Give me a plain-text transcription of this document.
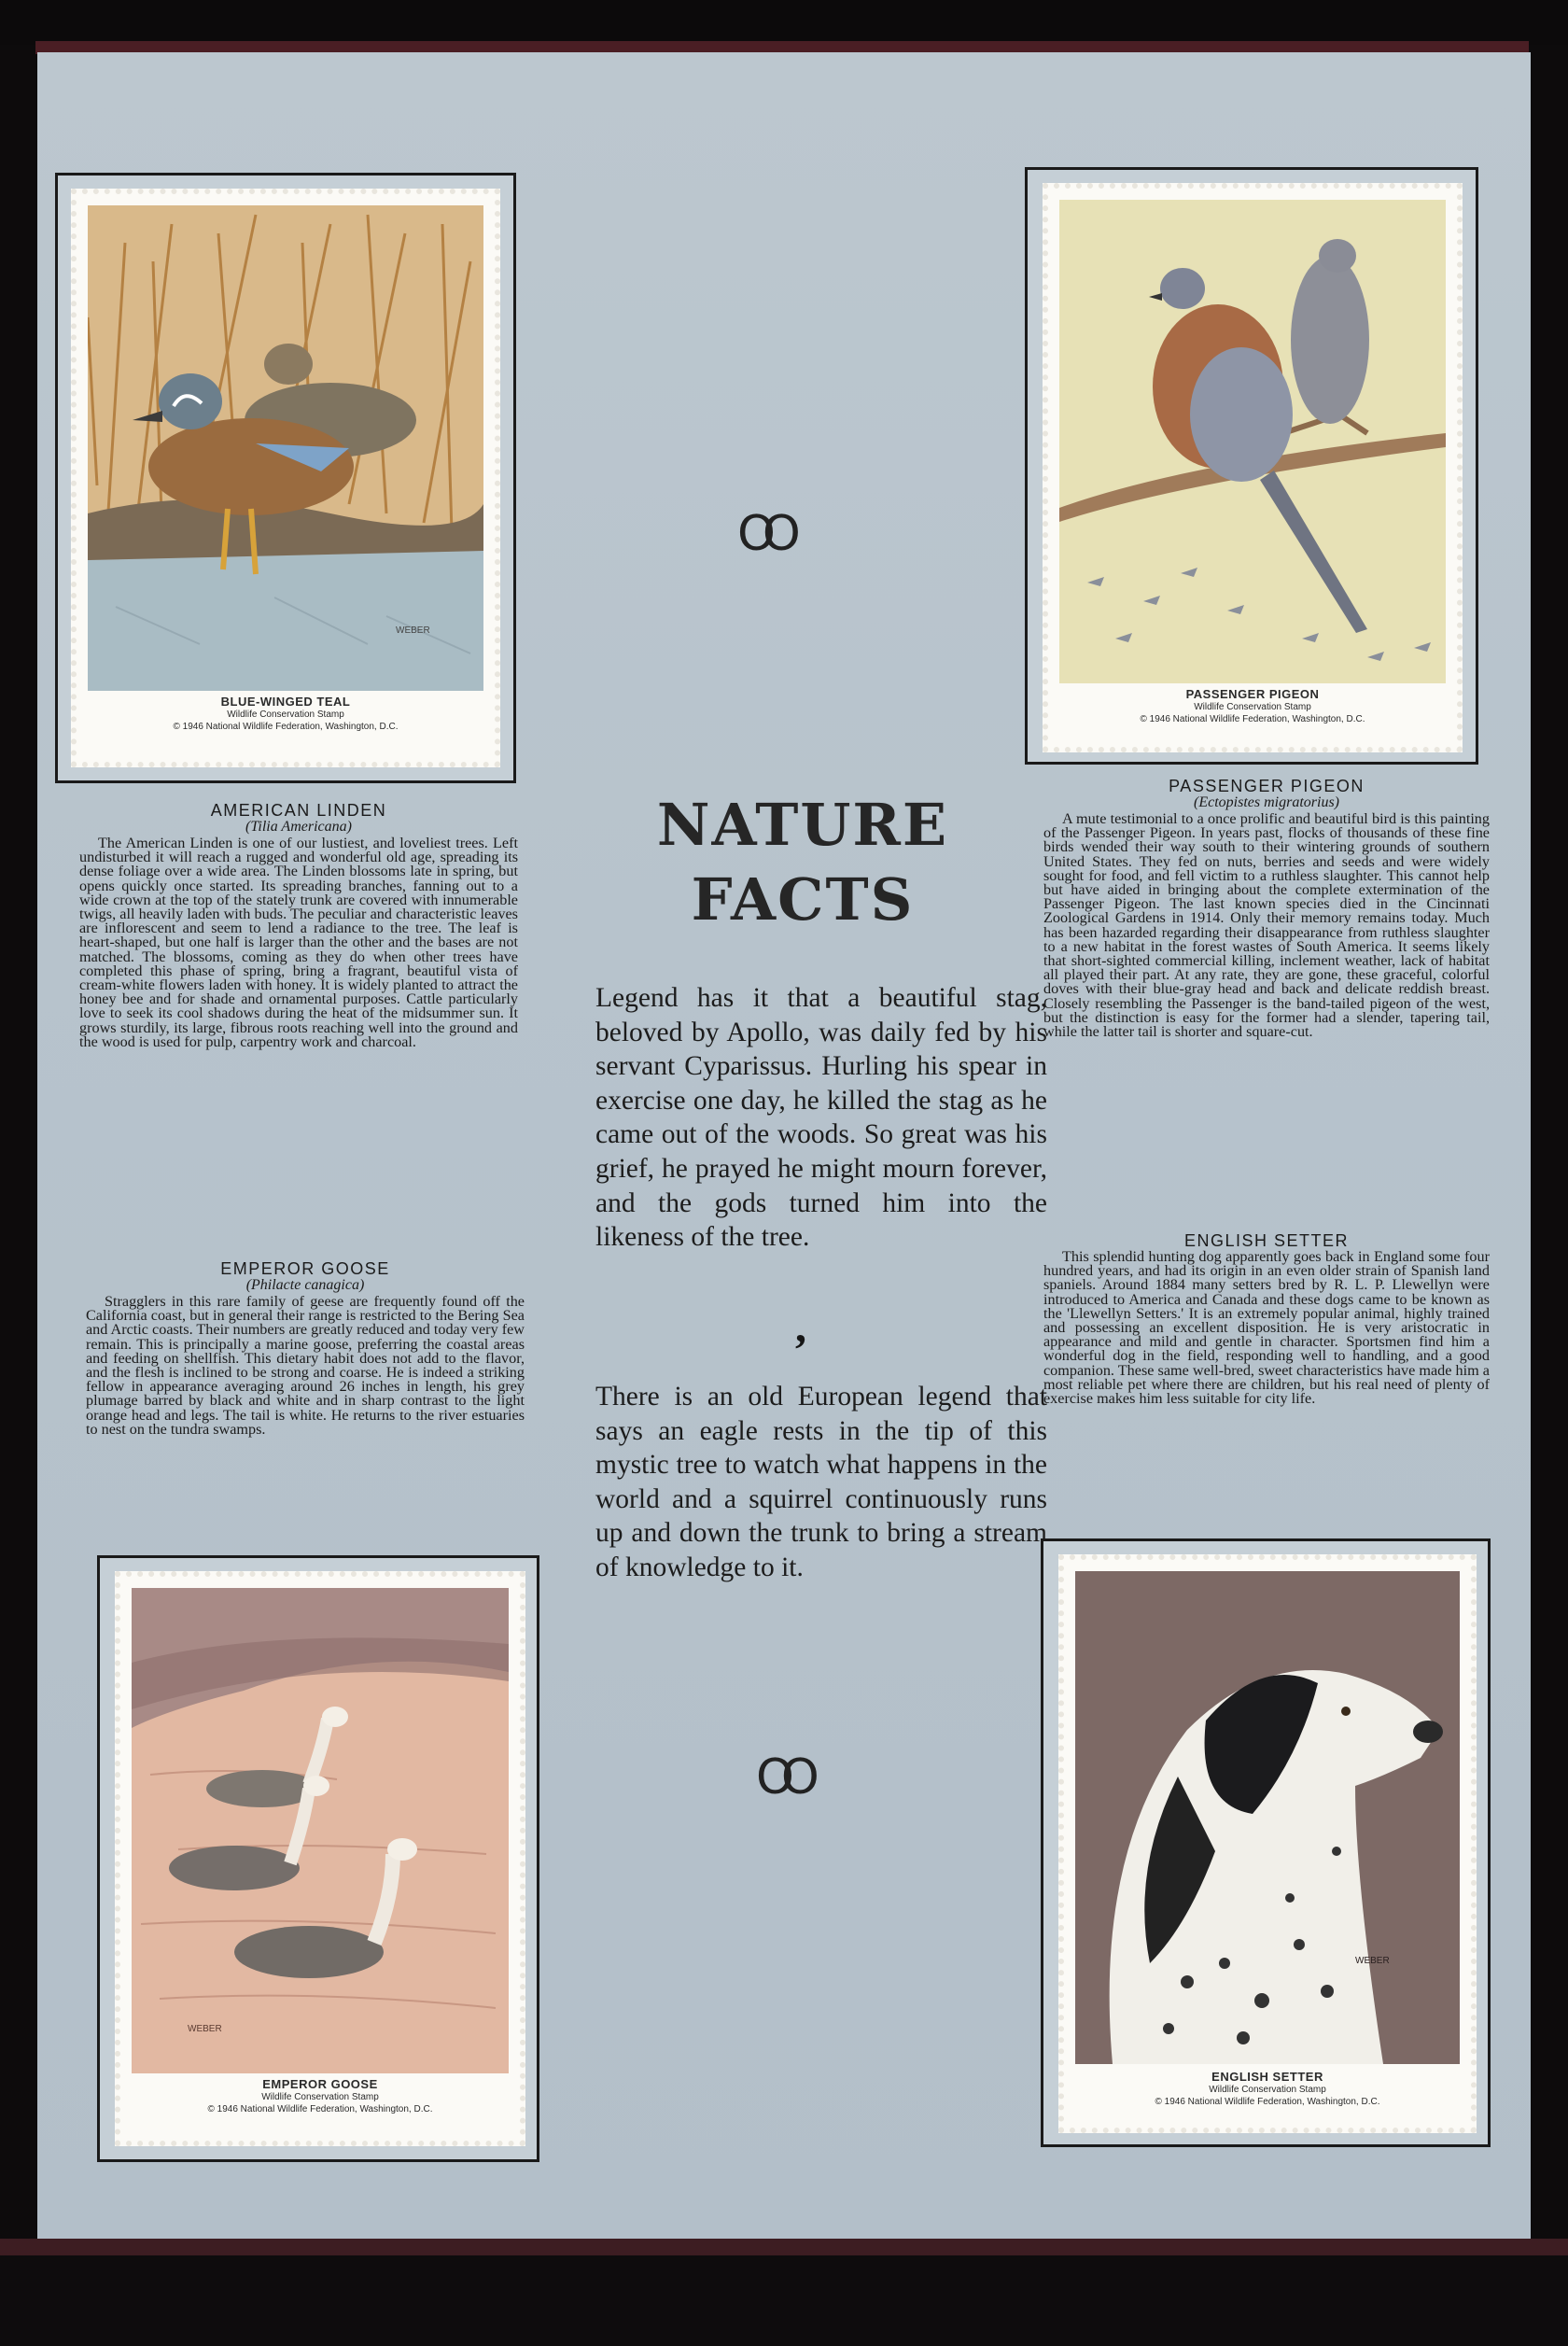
WEBER
BLUE-WINGED TEAL
Wildlife Conservation Stamp
© 1946 National Wildlife Federation, Washington, D.C.
PASSENGER PIGEON
Wildlife Conservation Stamp
© 1946 National Wildlife Federation, Washington, D.C.
WEBER
EMPEROR GOOSE
Wildlife Conservation Stamp
© 1946 National Wildlife Federation, Washington, D.C.
WEBER
ENGLISH SETTER
Wildlife Conservation Stamp
© 1946 National Wildlife Federation, Washington, D.C.
AMERICAN LINDEN
(Tilia Americana)

The American Linden is one of our lustiest, and loveliest trees. Left undisturbed it will reach a rugged and wonderful old age, spreading its dense foliage over a wide area. The Linden blossoms late in spring, but opens quickly once started. Its spreading branches, fanning out to a wide crown at the top of the stately trunk are covered with innumerable twigs, all heavily laden with buds. The peculiar and characteristic leaves are inflorescent and seem to lend a radiance to the tree. The leaf is heart-shaped, but one half is larger than the other and the bases are not matched. The blossoms, coming as they do when other trees have completed this phase of spring, bring a fragrant, beautiful vista of cream-white flowers laden with honey. It is widely planted to attract the honey bee and for shade and ornamental purposes. Cattle particularly love to seek its cool shadows during the heat of the midsummer sun. It grows sturdily, its large, fibrous roots reaching well into the ground and the wood is used for pulp, carpentry work and charcoal.

EMPEROR GOOSE
(Philacte canagica)

Stragglers in this rare family of geese are frequently found off the California coast, but in general their range is restricted to the Bering Sea and Arctic coasts. Their numbers are greatly reduced and today very few remain. This is principally a marine goose, preferring the coastal areas and feeding on shellfish. This dietary habit does not add to the flavor, and the flesh is inclined to be strong and coarse. He is indeed a striking fellow in appearance averaging around 26 inches in length, his grey plumage barred by black and white and in sharp contrast to the light orange head and legs. The tail is white. He returns to the river estuaries to nest on the tundra swamps.

PASSENGER PIGEON
(Ectopistes migratorius)

A mute testimonial to a once prolific and beautiful bird is this painting of the Passenger Pigeon. In years past, flocks of thousands of these fine birds wended their way south to their wintering grounds of southern United States. They fed on nuts, berries and seeds and were widely sought for food, and fell victim to a ruthless slaughter. This cannot help but have aided in bringing about the complete extermination of the Passenger Pigeon. The last known species died in the Cincinnati Zoological Gardens in 1914. Only their memory remains today. Much has been hazarded regarding their disappearance from ruthless slaughter to a new habitat in the forest wastes of South America. It seems likely that short-sighted commercial killing, inclement weather, lack of habitat all played their part. At any rate, they are gone, these graceful, colorful doves with their blue-gray head and back and delicate reddish breast. Closely resembling the Passenger is the band-tailed pigeon of the west, but the distinction is easy for the former had a slender, tapering tail, while the latter tail is shorter and square-cut.

ENGLISH SETTER

This splendid hunting dog apparently goes back in England some four hundred years, and had its origin in an even older strain of Spanish land spaniels. Around 1884 many setters bred by R. L. P. Llewellyn were introduced to America and Canada and these dogs came to be known as the 'Llewellyn Setters.' It is an extremely popular animal, highly trained and possessing an excellent disposition. He is very aristocratic in appearance and mild and gentle in character. Sportsmen find him a wonderful dog in the field, responding well to handling, and a good companion. These same well-bred, sweet characteristics have made him a most reliable pet where there are children, but his real need of plenty of exercise makes him less suitable for city life.

OO
NATURE
FACTS
Legend has it that a beautiful stag, beloved by Apollo, was daily fed by his servant Cyparissus. Hurling his spear in exercise one day, he killed the stag as he came out of the woods. So great was his grief, he prayed he might mourn forever, and the gods turned him into the likeness of the tree.
,
There is an old European legend that says an eagle rests in the tip of this mystic tree to watch what happens in the world and a squirrel continuously runs up and down the trunk to bring a stream of knowledge to it.
OO
